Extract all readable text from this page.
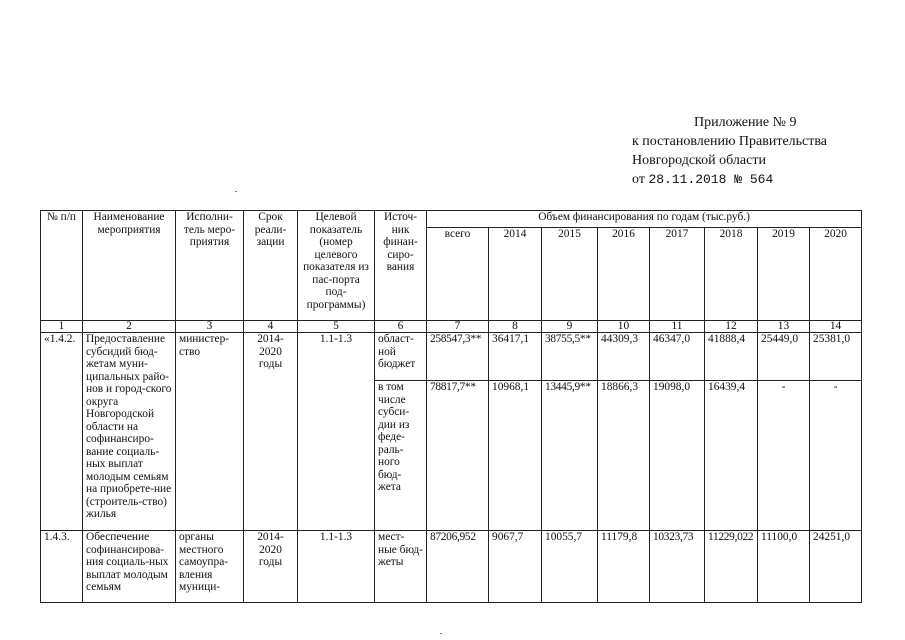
Приложение № 9
к постановлению Правительства
Новгородской области
от 28.11.2018 № 564
№ п/п	Наименование мероприятия	Исполни-тель меро-приятия	Срок реали-зации	Целевой показатель (номер целевого показателя из пас-порта под-программы)	Источ-ник финан-сиро-вания	Объем финансирования по годам (тыс.руб.)							
						всего	2014	2015	2016	2017	2018	2019	2020
1	2	3	4	5	6	7	8	9	10	11	12	13	14
«1.4.2.	Предоставление субсидий бюд-жетам муни-ципальных райо-нов и город-ского округа Новгородской области на софинансиро-вание социаль-ных выплат молодым семьям на приобрете-ние (строитель-ство) жилья	министер-ство	2014-2020 годы	1.1-1.3	област-ной бюджет	258547,3**	36417,1	38755,5**	44309,3	46347,0	41888,4	25449,0	25381,0
					в том числе субси-дии из феде-раль-ного бюд-жета	78817,7**	10968,1	13445,9**	18866,3	19098,0	16439,4	-	-
1.4.3.	Обеспечение софинансирова-ния социаль-ных выплат молодым семьям	органы местного самоупра-вления муници-	2014-2020 годы	1.1-1.3	мест-ные бюд-жеты	87206,952	9067,7	10055,7	11179,8	10323,73	11229,022	11100,0	24251,0
